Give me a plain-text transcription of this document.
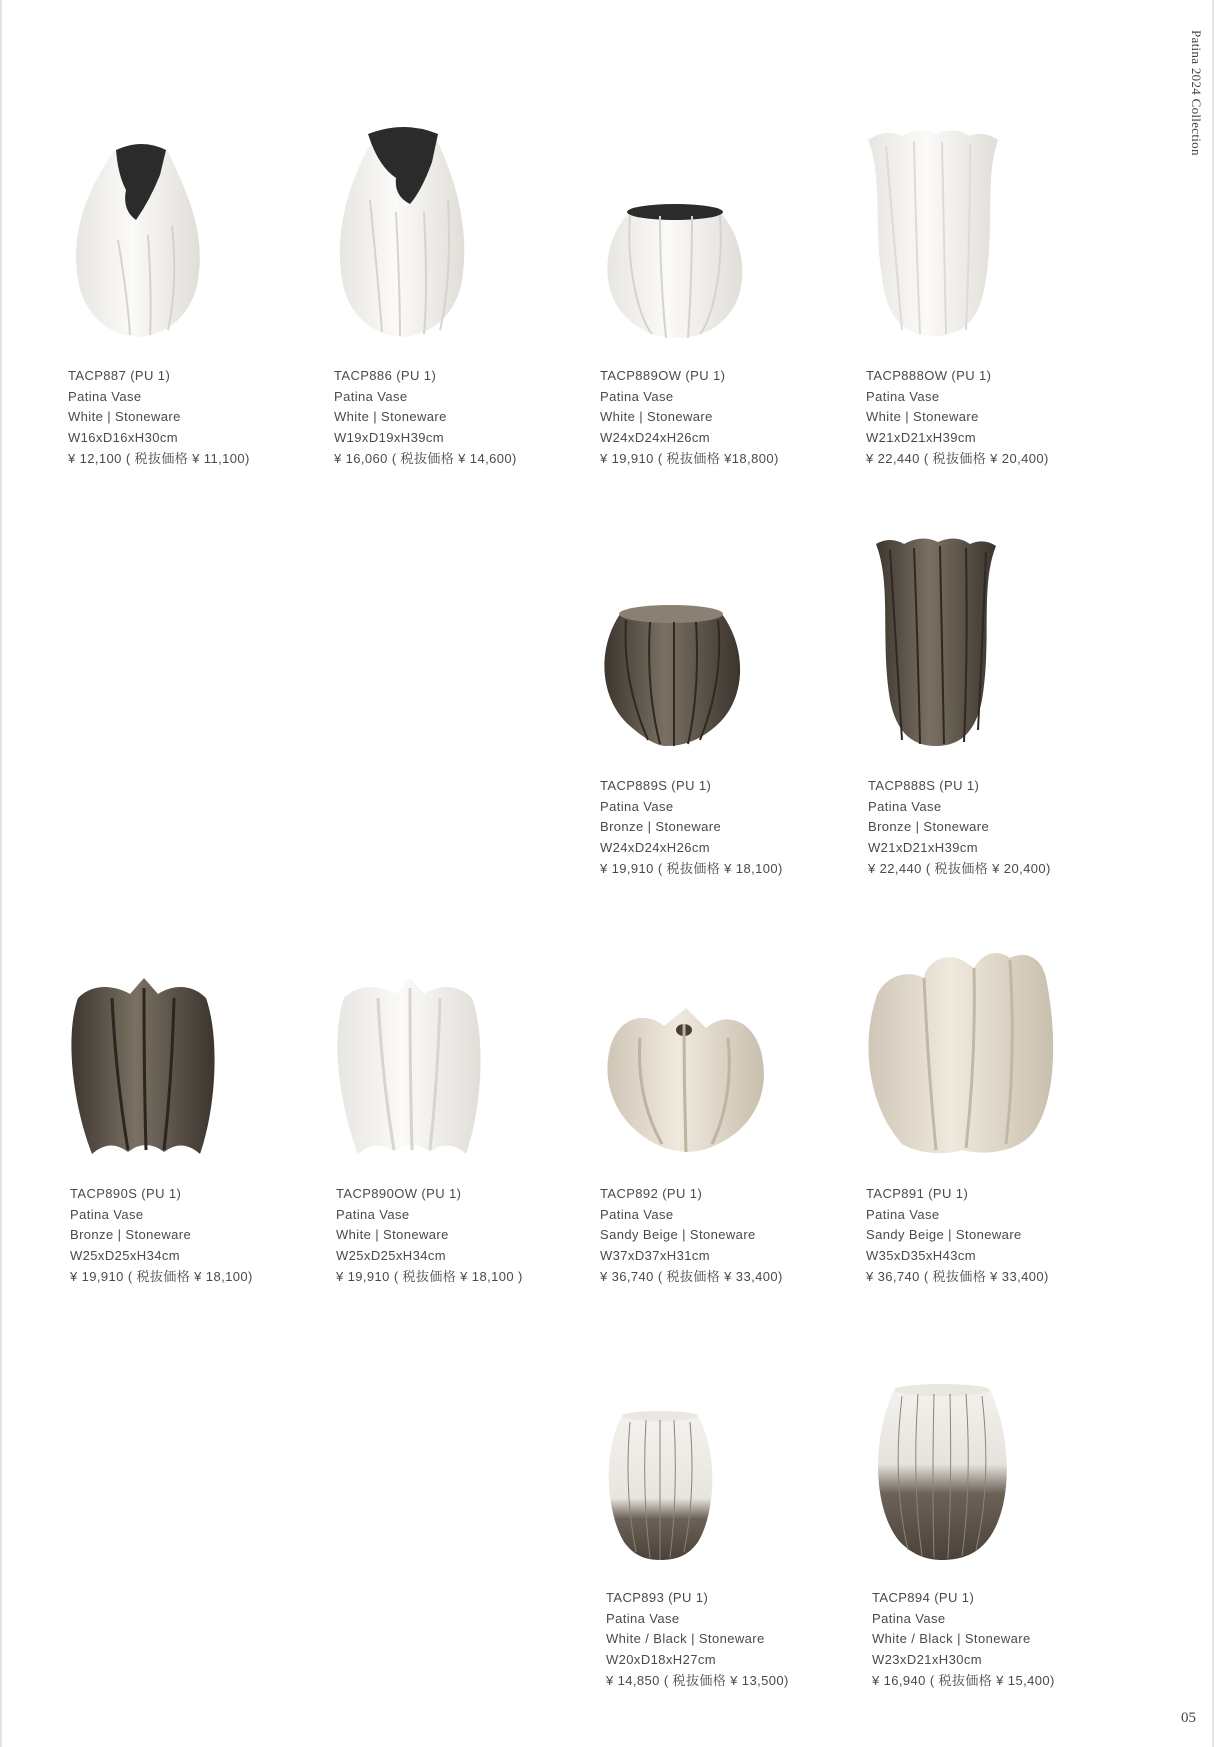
Patina 2024 Collection
TACP887 (PU 1)
Patina Vase
White | Stoneware
W16xD16xH30cm
¥ 12,100 ( 税抜価格 ¥ 11,100)
TACP886 (PU 1)
Patina Vase
White | Stoneware
W19xD19xH39cm
¥ 16,060 ( 税抜価格 ¥ 14,600)
TACP889OW (PU 1)
Patina Vase
White | Stoneware
W24xD24xH26cm
¥ 19,910 ( 税抜価格 ¥18,800)
TACP888OW (PU 1)
Patina Vase
White | Stoneware
W21xD21xH39cm
¥ 22,440 ( 税抜価格 ¥ 20,400)
TACP889S (PU 1)
Patina Vase
Bronze | Stoneware
W24xD24xH26cm
¥ 19,910 ( 税抜価格 ¥ 18,100)
TACP888S (PU 1)
Patina Vase
Bronze | Stoneware
W21xD21xH39cm
¥ 22,440 ( 税抜価格 ¥ 20,400)
TACP890S (PU 1)
Patina Vase
Bronze | Stoneware
W25xD25xH34cm
¥ 19,910 ( 税抜価格 ¥ 18,100)
TACP890OW (PU 1)
Patina Vase
White | Stoneware
W25xD25xH34cm
¥ 19,910 ( 税抜価格 ¥ 18,100 )
TACP892 (PU 1)
Patina Vase
Sandy Beige | Stoneware
W37xD37xH31cm
¥ 36,740 ( 税抜価格 ¥ 33,400)
TACP891 (PU 1)
Patina Vase
Sandy Beige | Stoneware
W35xD35xH43cm
¥ 36,740 ( 税抜価格 ¥ 33,400)
TACP893 (PU 1)
Patina Vase
White / Black | Stoneware
W20xD18xH27cm
¥ 14,850 ( 税抜価格 ¥ 13,500)
TACP894 (PU 1)
Patina Vase
White / Black | Stoneware
W23xD21xH30cm
¥ 16,940 ( 税抜価格 ¥ 15,400)
05
